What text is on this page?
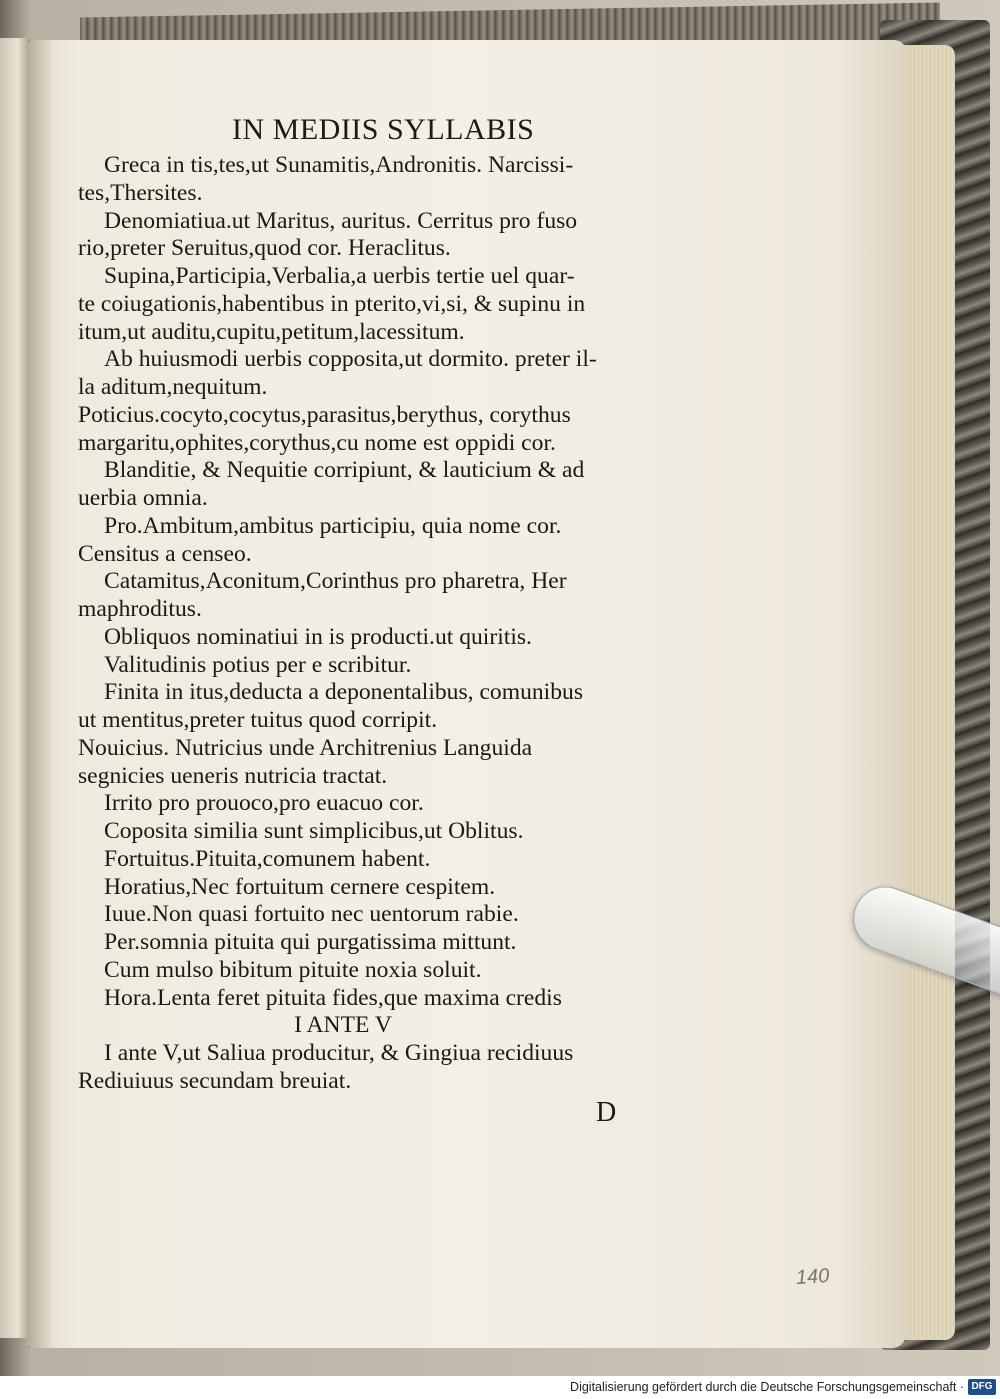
IN MEDIIS SYLLABIS
Greca in tis,tes,ut Sunamitis,Andronitis. Narcissi-
tes,Thersites.
Denomiatiua.ut Maritus, auritus. Cerritus pro fuso
rio,preter Seruitus,quod cor. Heraclitus.
Supina,Participia,Verbalia,a uerbis tertie uel quar-
te coiugationis,habentibus in pterito,vi,si, & supinu in
itum,ut auditu,cupitu,petitum,lacessitum.
Ab huiusmodi uerbis copposita,ut dormito. preter il-
la aditum,nequitum.
Poticius.cocyto,cocytus,parasitus,berythus, corythus
margaritu,ophites,corythus,cu nome est oppidi cor.
Blanditie, & Nequitie corripiunt, & lauticium & ad
uerbia omnia.
Pro.Ambitum,ambitus participiu, quia nome cor.
Censitus a censeo.
Catamitus,Aconitum,Corinthus pro pharetra, Her
maphroditus.
Obliquos nominatiui in is producti.ut quiritis.
Valitudinis potius per e scribitur.
Finita in itus,deducta a deponentalibus, comunibus
ut mentitus,preter tuitus quod corripit.
Nouicius. Nutricius unde Architrenius Languida
segnicies ueneris nutricia tractat.
Irrito pro prouoco,pro euacuo cor.
Coposita similia sunt simplicibus,ut Oblitus.
Fortuitus.Pituita,comunem habent.
Horatius,Nec fortuitum cernere cespitem.
Iuue.Non quasi fortuito nec uentorum rabie.
Per.somnia pituita qui purgatissima mittunt.
Cum mulso bibitum pituite noxia soluit.
Hora.Lenta feret pituita fides,que maxima credis
I ANTE V
I ante V,ut Saliua producitur, & Gingiua recidiuus
Rediuiuus secundam breuiat.
D
140
Digitalisierung gefördert durch die Deutsche Forschungsgemeinschaft · DFG
